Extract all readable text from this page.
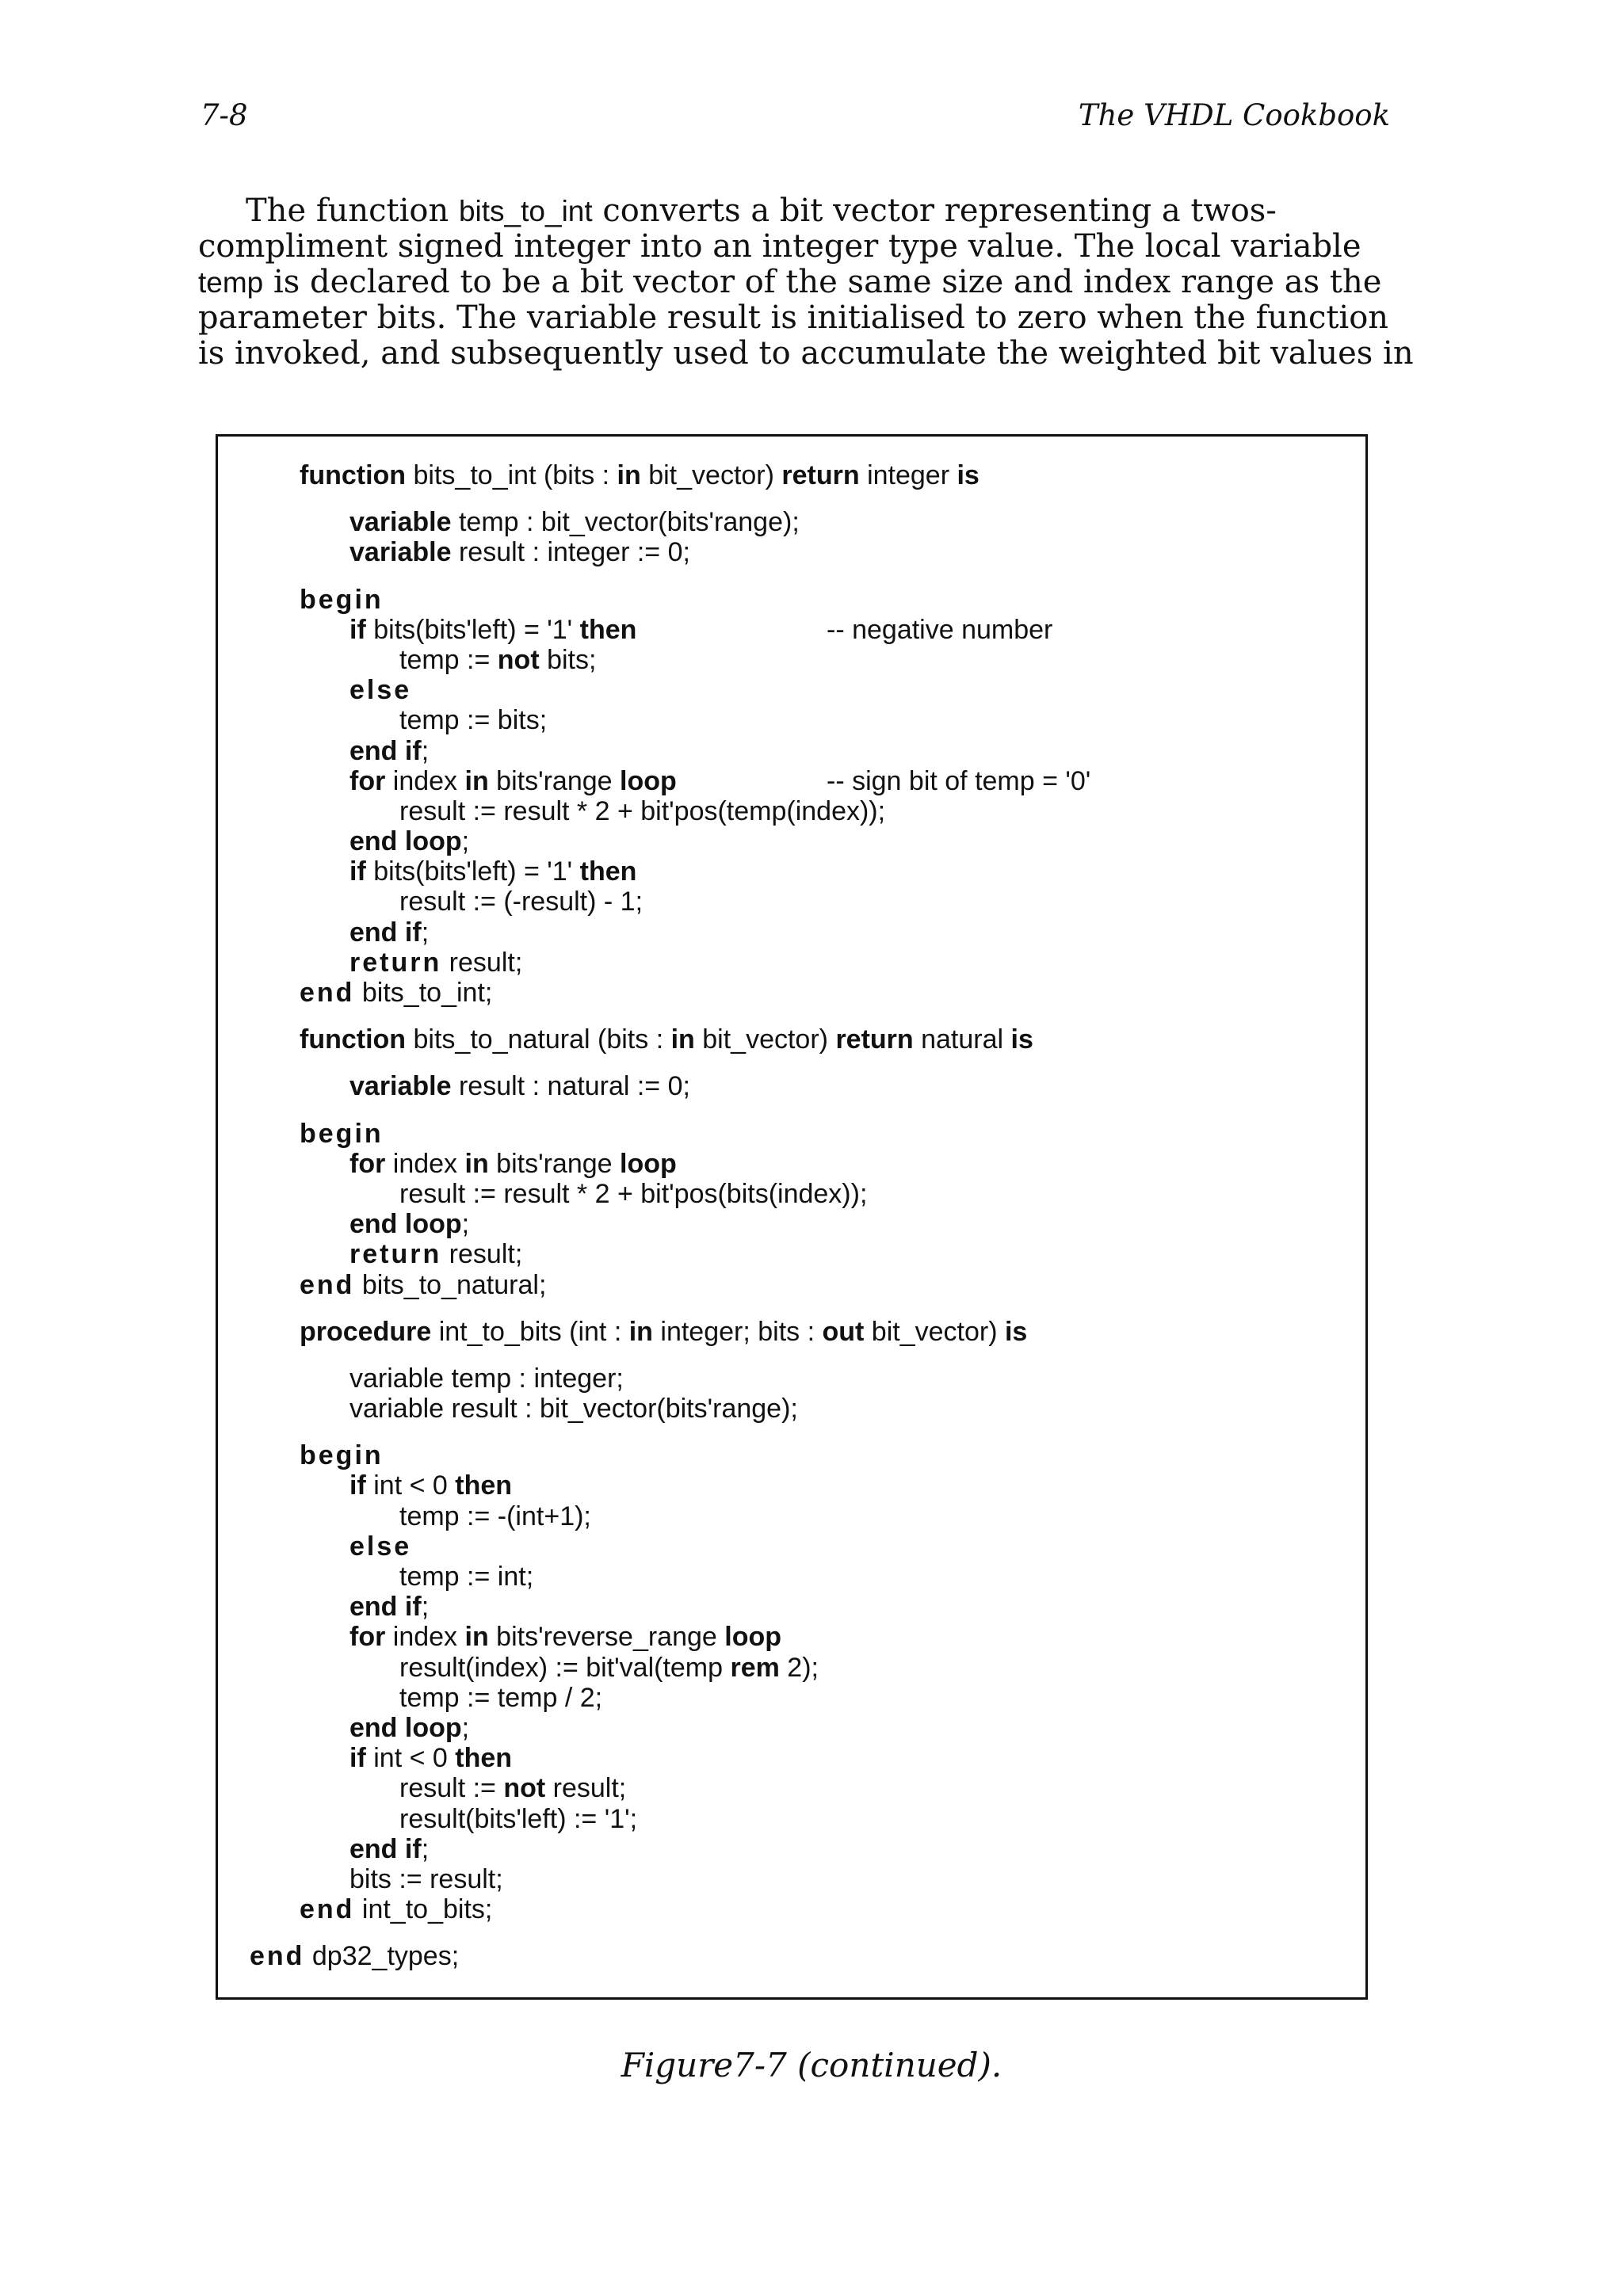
7-8	The VHDL Cookbook
The function bits_to_int converts a bit vector representing a twos-
compliment signed integer into an integer type value. The local variable
temp is declared to be a bit vector of the same size and index range as the
parameter bits. The variable result is initialised to zero when the function
is invoked, and subsequently used to accumulate the weighted bit values in
function bits_to_int (bits : in bit_vector) return integer is
variable temp : bit_vector(bits'range);
variable result : integer := 0;
begin
if bits(bits'left) = '1' then	-- negative number
temp := not bits;
else
temp := bits;
end if;
for index in bits'range loop	-- sign bit of temp = '0'
result := result * 2 + bit'pos(temp(index));
end loop;
if bits(bits'left) = '1' then
result := (-result) - 1;
end if;
return result;
end bits_to_int;
function bits_to_natural (bits : in bit_vector) return natural is
variable result : natural := 0;
begin
for index in bits'range loop
result := result * 2 + bit'pos(bits(index));
end loop;
return result;
end bits_to_natural;
procedure int_to_bits (int : in integer; bits : out bit_vector) is
variable temp : integer;
variable result : bit_vector(bits'range);
begin
if int < 0 then
temp := -(int+1);
else
temp := int;
end if;
for index in bits'reverse_range loop
result(index) := bit'val(temp rem 2);
temp := temp / 2;
end loop;
if int < 0 then
result := not result;
result(bits'left) := '1';
end if;
bits := result;
end int_to_bits;
end dp32_types;
Figure7-7 (continued).
